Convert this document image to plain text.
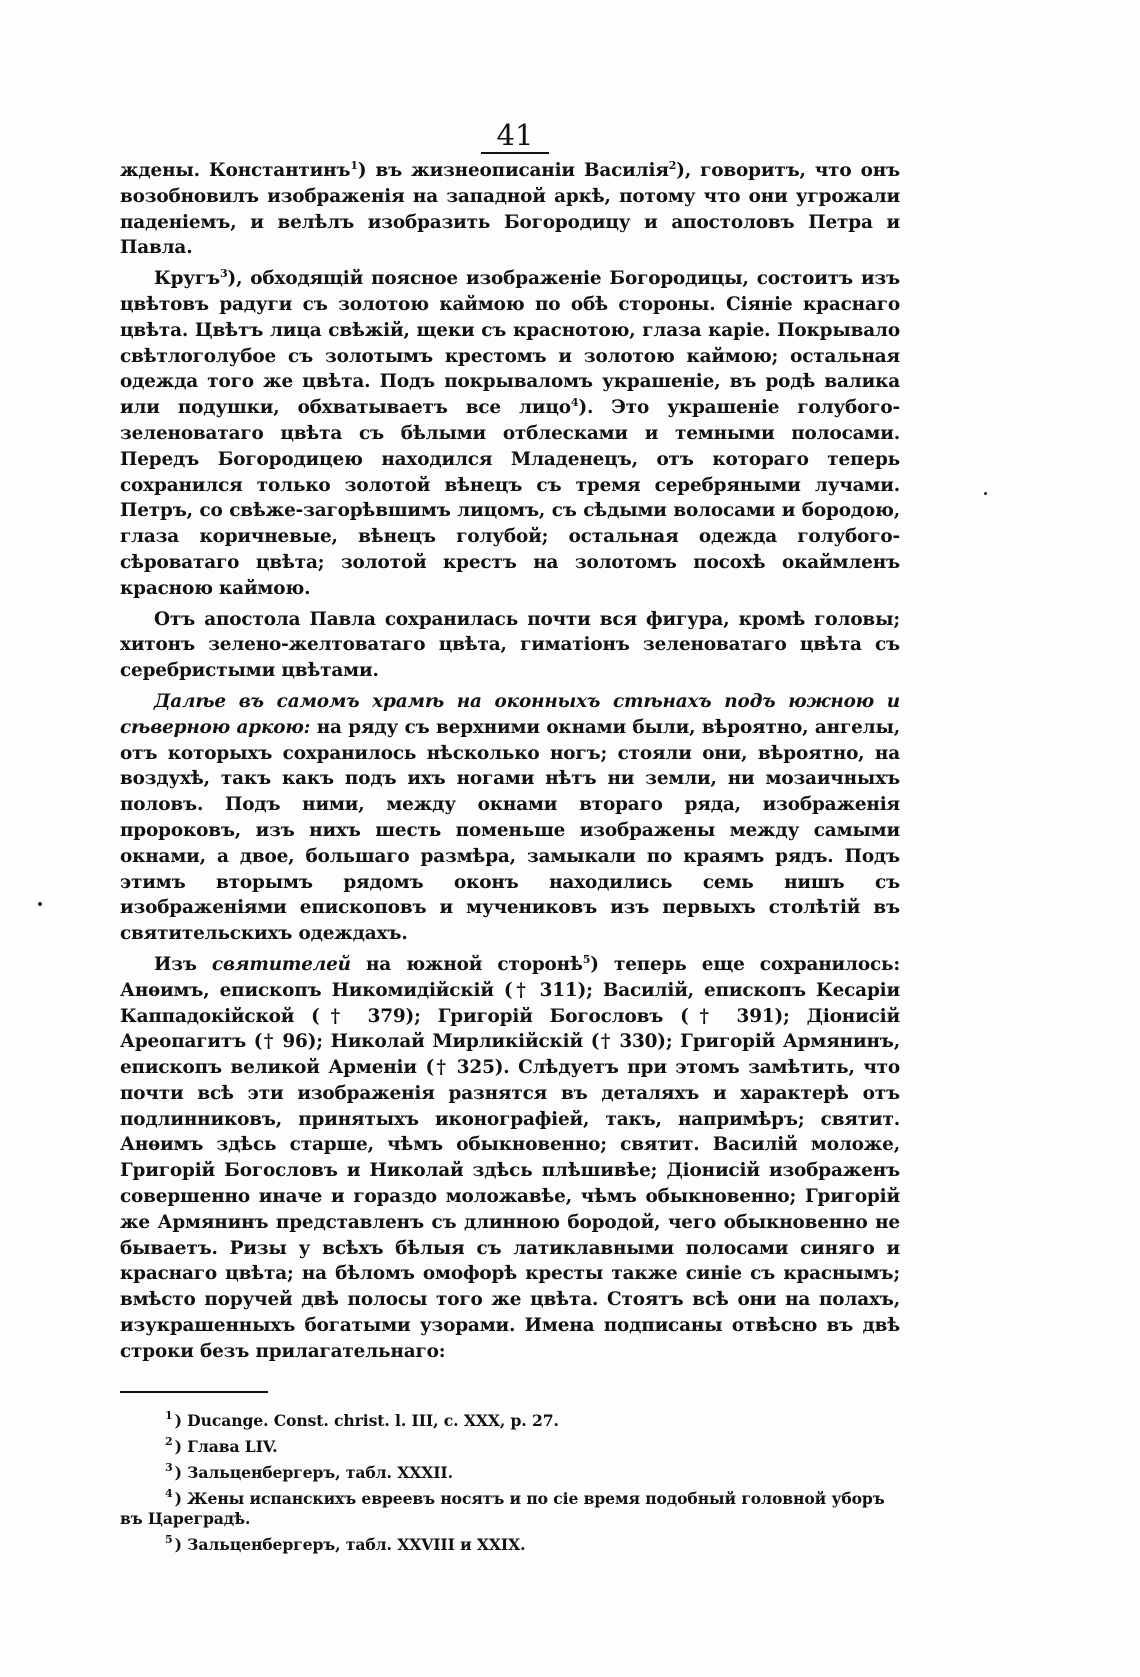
41

ждены. Константинъ$^1$) въ жизнеописаніи Василія$^2$), говоритъ, что онъ возобновилъ изображенія на западной аркѣ, потому что они угрожали паденіемъ, и велѣлъ изобразить Богородицу и апостоловъ Петра и Павла.

Кругъ$^3$), обходящій поясное изображеніе Богородицы, состоитъ изъ цвѣтовъ радуги съ золотою каймою по обѣ стороны. Сіяніе краснаго цвѣта. Цвѣтъ лица свѣжій, щеки съ краснотою, глаза каріе. Покрывало свѣтлоголубое съ золотымъ крестомъ и золотою каймою; остальная одежда того же цвѣта. Подъ покрываломъ украшеніе, въ родѣ валика или подушки, обхватываетъ все лицо$^4$). Это украшеніе голубого-зеленоватаго цвѣта съ бѣлыми отблесками и темными полосами. Передъ Богородицею находился Младенецъ, отъ котораго теперь сохранился только золотой вѣнецъ съ тремя серебряными лучами. Петръ, со свѣже-загорѣвшимъ лицомъ, съ сѣдыми волосами и бородою, глаза коричневые, вѣнецъ голубой; остальная одежда голубого-сѣроватаго цвѣта; золотой крестъ на золотомъ посохѣ окаймленъ красною каймою.

Отъ апостола Павла сохранилась почти вся фигура, кромѣ головы; хитонъ зелено-желтоватаго цвѣта, гиматіонъ зеленоватаго цвѣта съ серебристыми цвѣтами.

Далѣе въ самомъ храмѣ на оконныхъ стѣнахъ подъ южною и сѣверною аркою: на ряду съ верхними окнами были, вѣроятно, ангелы, отъ которыхъ сохранилось нѣсколько ногъ; стояли они, вѣроятно, на воздухѣ, такъ какъ подъ ихъ ногами нѣтъ ни земли, ни мозаичныхъ половъ. Подъ ними, между окнами втораго ряда, изображенія пророковъ, изъ нихъ шесть поменьше изображены между самыми окнами, а двое, большаго размѣра, замыкали по краямъ рядъ. Подъ этимъ вторымъ рядомъ оконъ находились семь нишъ съ изображеніями епископовъ и мучениковъ изъ первыхъ столѣтій въ святительскихъ одеждахъ.

Изъ святителей на южной сторонѣ$^5$) теперь еще сохранилось: Анѳимъ, епископъ Никомидійскій († 311); Василій, епископъ Кесаріи Каппадокійской († 379); Григорій Богословъ († 391); Діонисій Ареопагитъ († 96); Николай Мирликійскій († 330); Григорій Армянинъ, епископъ великой Арменіи († 325). Слѣдуетъ при этомъ замѣтить, что почти всѣ эти изображенія разнятся въ деталяхъ и характерѣ отъ подлинниковъ, принятыхъ иконографіей, такъ, напримѣръ; святит. Анѳимъ здѣсь старше, чѣмъ обыкновенно; святит. Василій моложе, Григорій Богословъ и Николай здѣсь плѣшивѣе; Діонисій изображенъ совершенно иначе и гораздо моложавѣе, чѣмъ обыкновенно; Григорій же Армянинъ представленъ съ длинною бородой, чего обыкновенно не бываетъ. Ризы у всѣхъ бѣлыя съ латиклавными полосами синяго и краснаго цвѣта; на бѣломъ омофорѣ кресты также синіе съ краснымъ; вмѣсто поручей двѣ полосы того же цвѣта. Стоятъ всѣ они на полахъ, изукрашенныхъ богатыми узорами. Имена подписаны отвѣсно въ двѣ строки безъ прилагательнаго:

$^1$ ) Ducange. Const. christ. l. III, c. XXX, p. 27.

$^2$ ) Глава LIV.

$^3$ ) Зальценбергеръ, табл. XXXII.

$^4$ ) Жены испанскихъ евреевъ носятъ и по сіе время подобный головной уборъ въ Цареградѣ.

$^5$ ) Зальценбергеръ, табл. XXVIII и XXIX.
